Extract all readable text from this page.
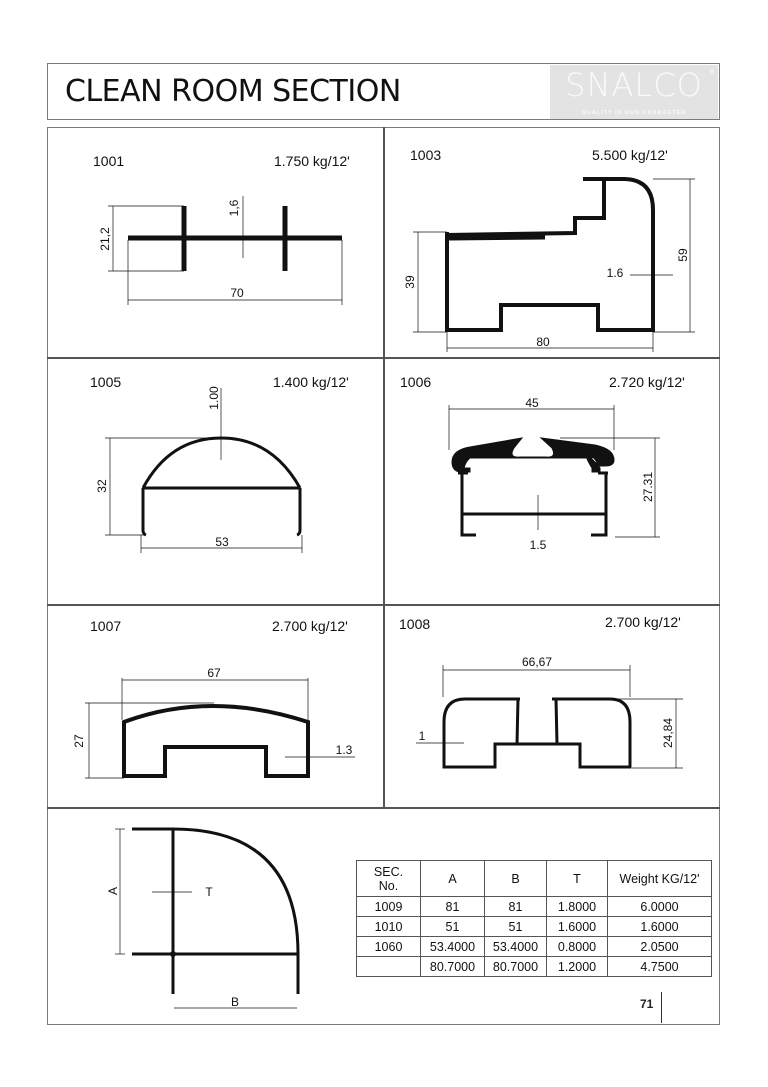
CLEAN ROOM SECTION	SNALCO	®
QUALITY IS OUR CHARACTER
1001	1.750 kg/12'
21,2
1,6
70
1003	5.500 kg/12'
39
59
1.6
80
1005	1.400 kg/12'
1.00
32
53
1006	2.720 kg/12'
45
27.31
1.5
1007	2.700 kg/12'
67
27
1.3
1008	2.700 kg/12'
66,67
24,84
1
A	T
B
SEC.
No.	A	B	T	Weight KG/12'
1009	81	81	1.8000	6.0000
1010	51	51	1.6000	1.6000
1060	53.4000	53.4000	0.8000	2.0500
	80.7000	80.7000	1.2000	4.7500
71
